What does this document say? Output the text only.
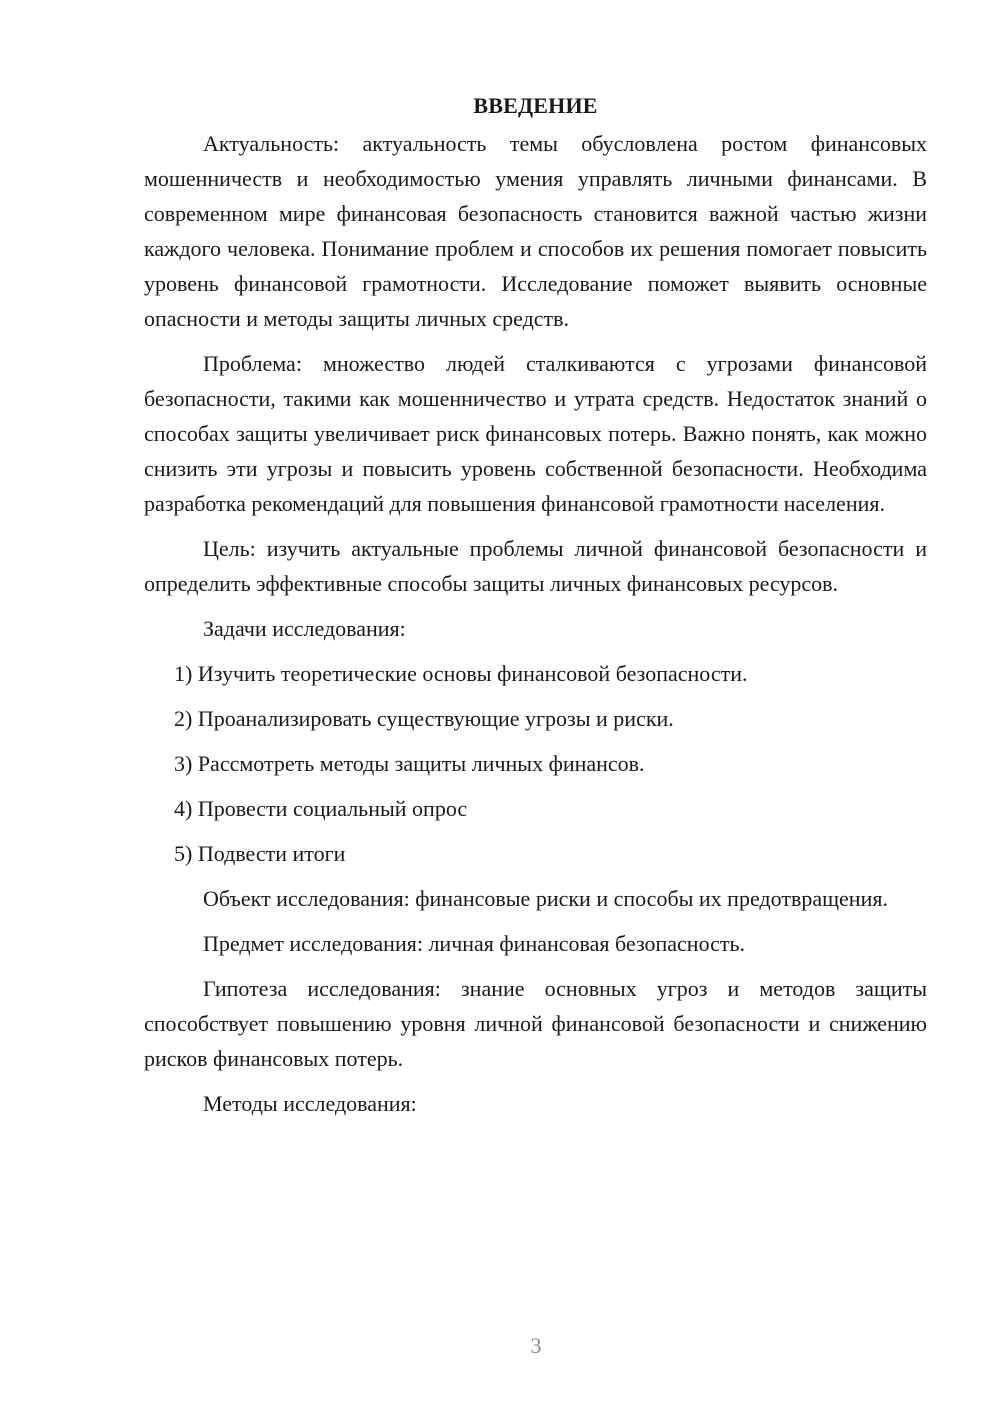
ВВЕДЕНИЕ

Актуальность: актуальность темы обусловлена ростом финансовых мошенничеств и необходимостью умения управлять личными финансами. В современном мире финансовая безопасность становится важной частью жизни каждого человека. Понимание проблем и способов их решения помогает повысить уровень финансовой грамотности. Исследование поможет выявить основные опасности и методы защиты личных средств.

Проблема: множество людей сталкиваются с угрозами финансовой безопасности, такими как мошенничество и утрата средств. Недостаток знаний о способах защиты увеличивает риск финансовых потерь. Важно понять, как можно снизить эти угрозы и повысить уровень собственной безопасности. Необходима разработка рекомендаций для повышения финансовой грамотности населения.

Цель: изучить актуальные проблемы личной финансовой безопасности и определить эффективные способы защиты личных финансовых ресурсов.

Задачи исследования:

1) Изучить теоретические основы финансовой безопасности.
2) Проанализировать существующие угрозы и риски.
3) Рассмотреть методы защиты личных финансов.
4) Провести социальный опрос
5) Подвести итоги

Объект исследования: финансовые риски и способы их предотвращения.

Предмет исследования: личная финансовая безопасность.

Гипотеза исследования: знание основных угроз и методов защиты способствует повышению уровня личной финансовой безопасности и снижению рисков финансовых потерь.

Методы исследования:

3
